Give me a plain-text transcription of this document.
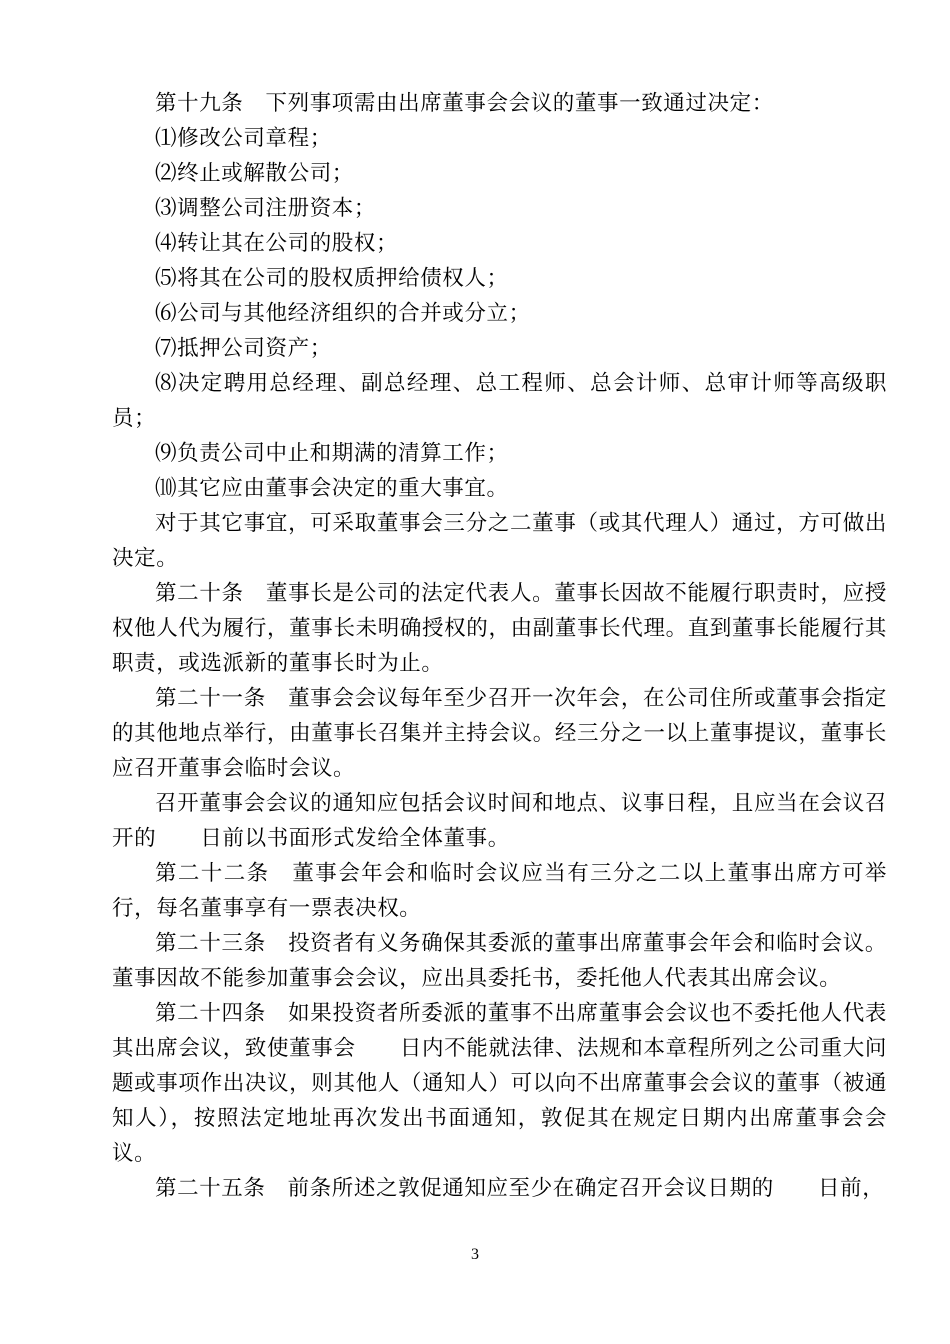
第十九条　下列事项需由出席董事会会议的董事一致通过决定：

⑴修改公司章程；

⑵终止或解散公司；

⑶调整公司注册资本；

⑷转让其在公司的股权；

⑸将其在公司的股权质押给债权人；

⑹公司与其他经济组织的合并或分立；

⑺抵押公司资产；

⑻决定聘用总经理、副总经理、总工程师、总会计师、总审计师等高级职员；

⑼负责公司中止和期满的清算工作；

⑽其它应由董事会决定的重大事宜。

对于其它事宜，可采取董事会三分之二董事（或其代理人）通过，方可做出决定。

第二十条　董事长是公司的法定代表人。董事长因故不能履行职责时，应授权他人代为履行，董事长未明确授权的，由副董事长代理。直到董事长能履行其职责，或选派新的董事长时为止。

第二十一条　董事会会议每年至少召开一次年会，在公司住所或董事会指定的其他地点举行，由董事长召集并主持会议。经三分之一以上董事提议，董事长应召开董事会临时会议。

召开董事会会议的通知应包括会议时间和地点、议事日程，且应当在会议召开的　　日前以书面形式发给全体董事。

第二十二条　董事会年会和临时会议应当有三分之二以上董事出席方可举行，每名董事享有一票表决权。

第二十三条　投资者有义务确保其委派的董事出席董事会年会和临时会议。董事因故不能参加董事会会议，应出具委托书，委托他人代表其出席会议。

第二十四条　如果投资者所委派的董事不出席董事会会议也不委托他人代表其出席会议，致使董事会　　日内不能就法律、法规和本章程所列之公司重大问题或事项作出决议，则其他人（通知人）可以向不出席董事会会议的董事（被通知人），按照法定地址再次发出书面通知，敦促其在规定日期内出席董事会会议。

第二十五条　前条所述之敦促通知应至少在确定召开会议日期的　　日前，

3
